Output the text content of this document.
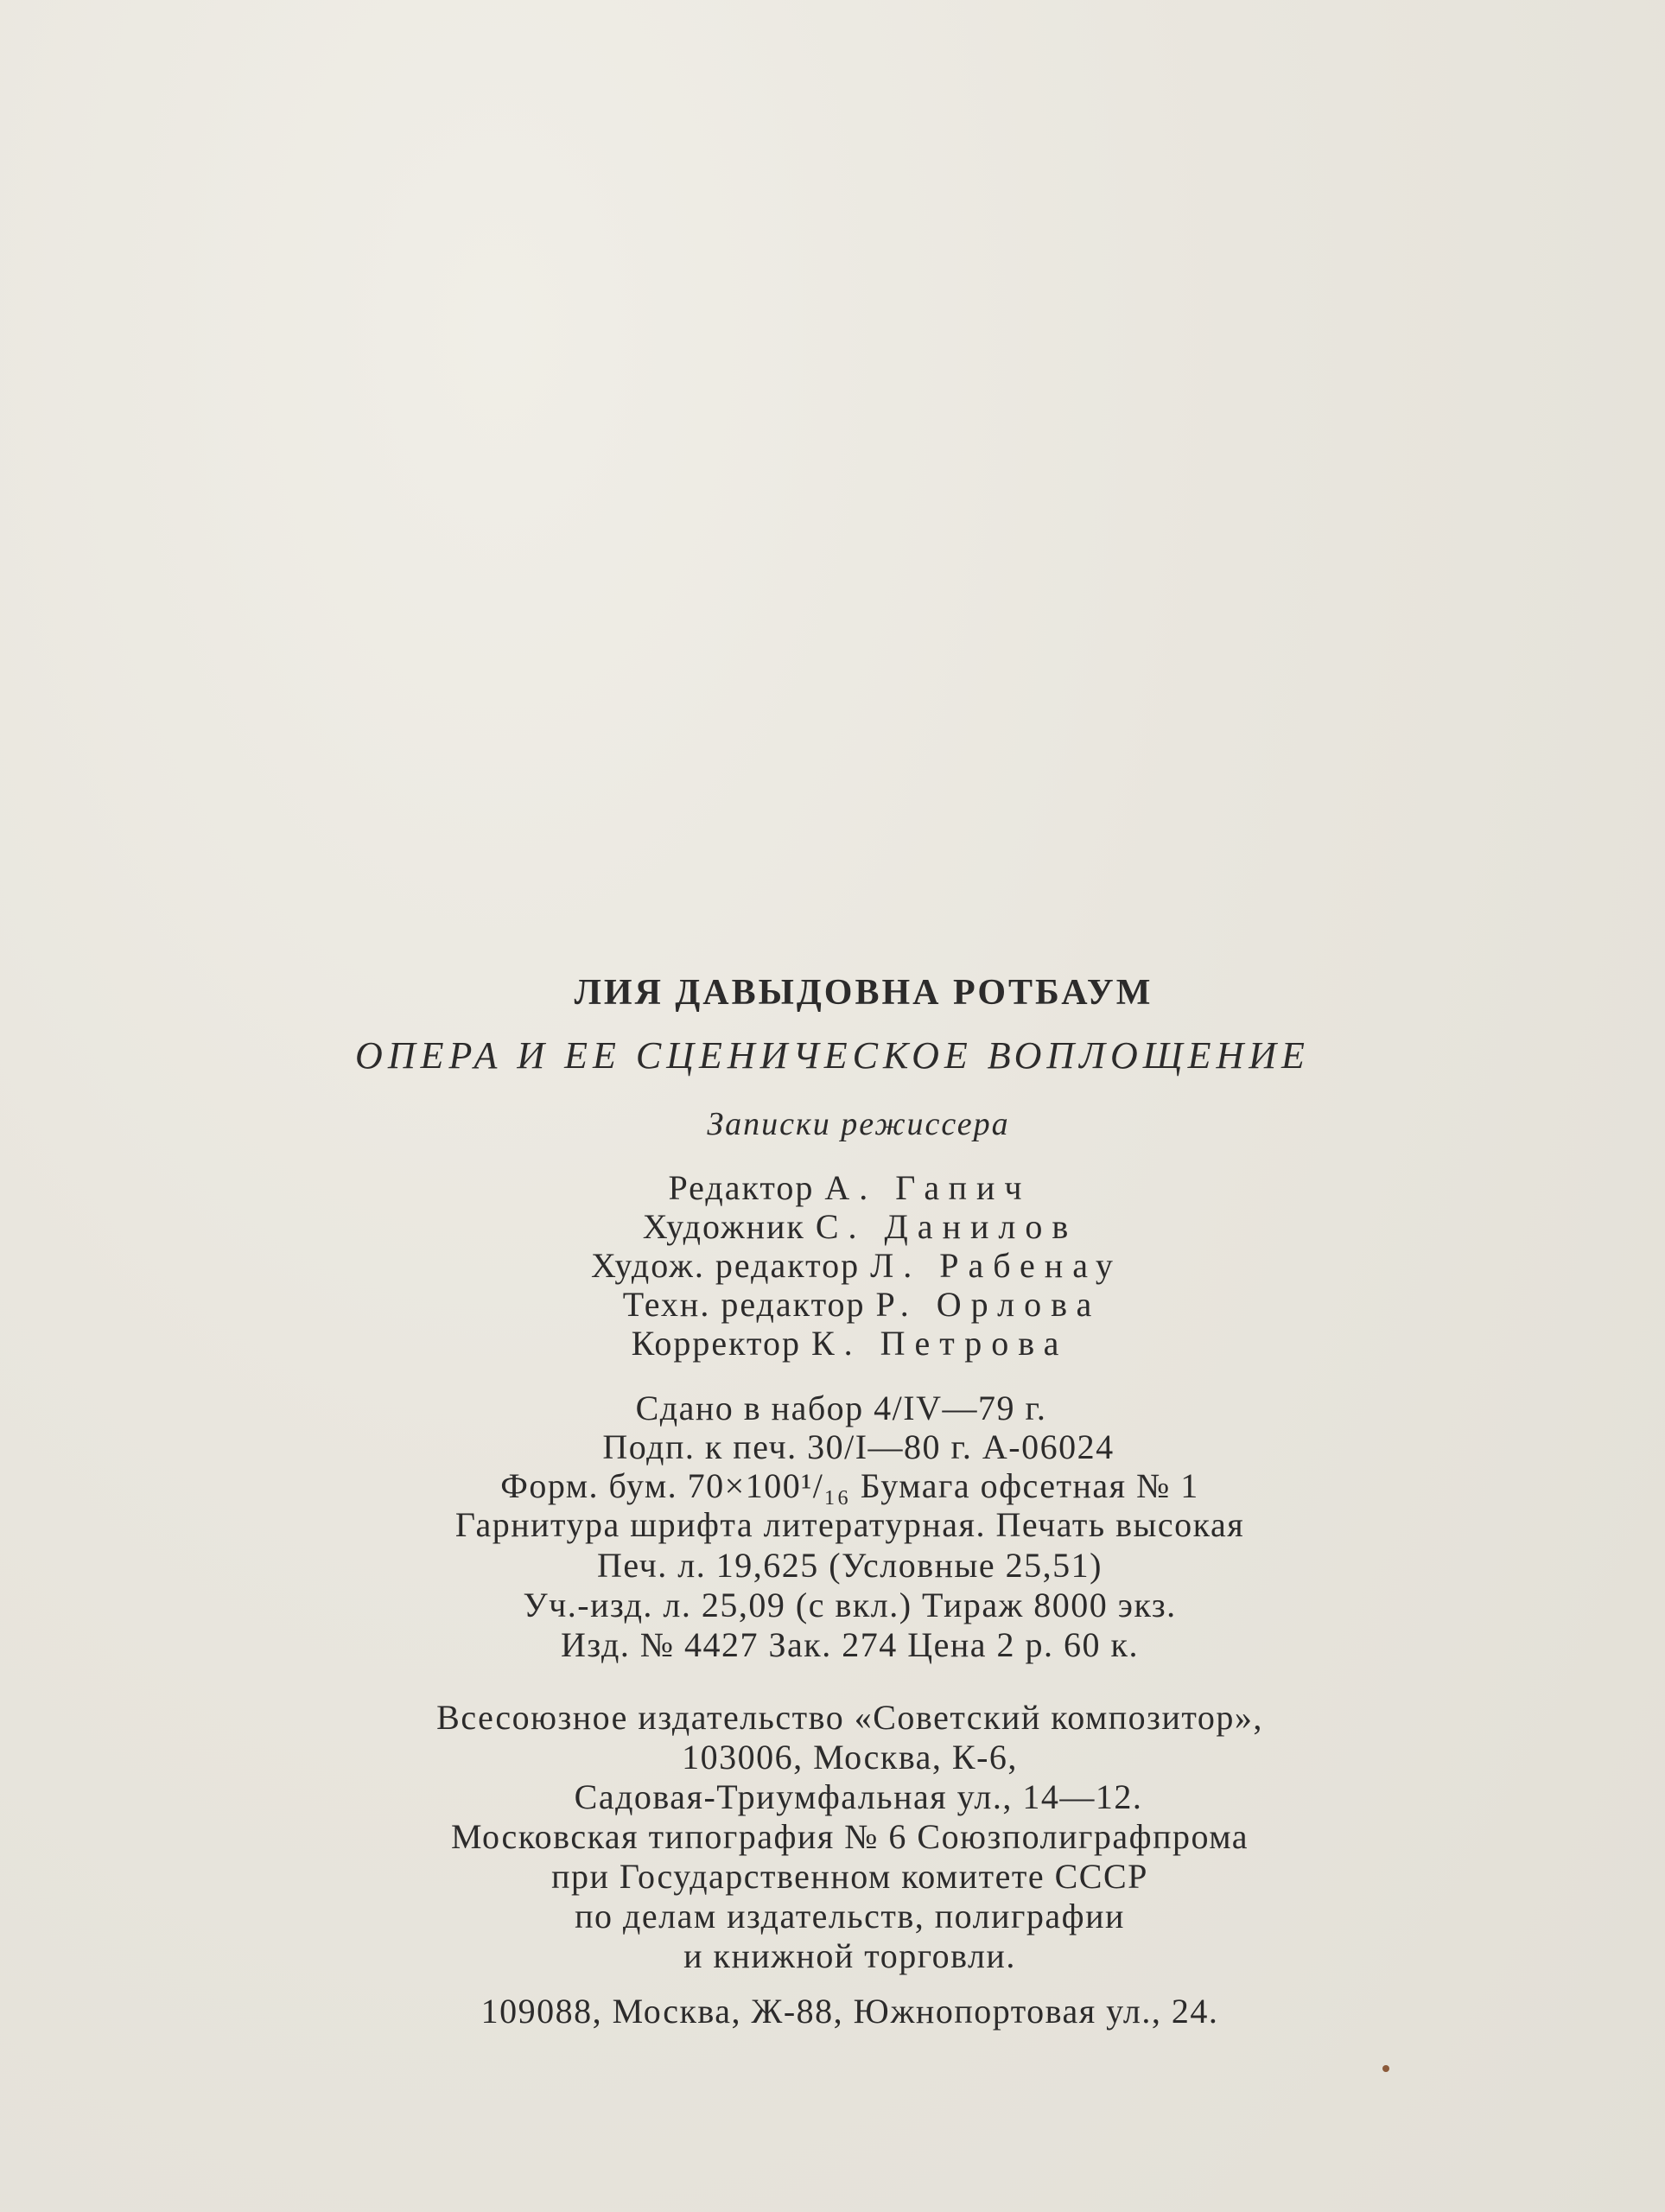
ЛИЯ ДАВЫДОВНА РОТБАУМ
ОПЕРА И ЕЕ СЦЕНИЧЕСКОЕ ВОПЛОЩЕНИЕ
Записки режиссера
Редактор А. Гапич
Художник С. Данилов
Худож. редактор Л. Рабенау
Техн. редактор Р. Орлова
Корректор К. Петрова
Сдано в набор 4/IV—79 г.
Подп. к печ. 30/I—80 г. А-06024
Форм. бум. 70×100¹/₁₆ Бумага офсетная № 1
Гарнитура шрифта литературная. Печать высокая
Печ. л. 19,625 (Условные 25,51)
Уч.-изд. л. 25,09 (с вкл.) Тираж 8000 экз.
Изд. № 4427 Зак. 274 Цена 2 р. 60 к.
Всесоюзное издательство «Советский композитор»,
103006, Москва, К-6,
Садовая-Триумфальная ул., 14—12.
Московская типография № 6 Союзполиграфпрома
при Государственном комитете СССР
по делам издательств, полиграфии
и книжной торговли.
109088, Москва, Ж-88, Южнопортовая ул., 24.
